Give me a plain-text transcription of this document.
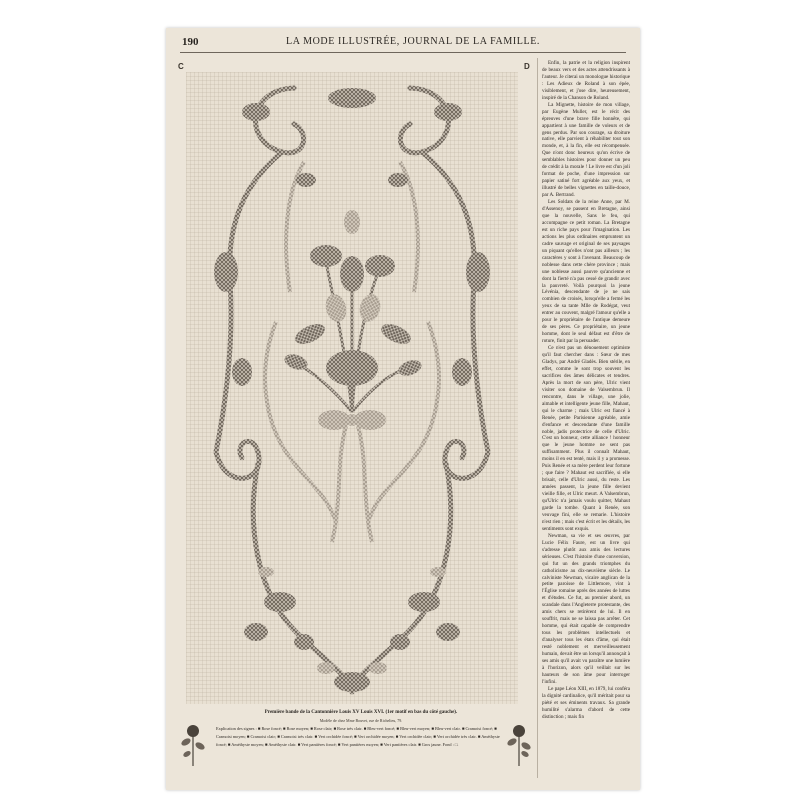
190	LA MODE ILLUSTRÉE, JOURNAL DE LA FAMILLE.
C	D
Première bande de la Cantonnière Louis XV Louis XVI. (1er motif en bas du côté gauche).
Modèle de chez Mme Bouvet, rue de Richelieu, 79.
Explication des signes : ■ Rose foncé; ■ Rose moyen; ■ Rose clair; ■ Rose très clair. ■ Bleu-vert foncé; ■ Bleu-vert moyen; ■ Bleu-vert clair. ■ Cramoisi foncé; ■ Cramoisi moyen; ■ Cramoisi clair; ■ Cramoisi très clair. ■ Vert orchidée foncé; ■ Vert orchidée moyen; ■ Vert orchidée clair; ■ Vert orchidée très clair. ■ Améthyste foncé; ■ Améthyste moyen; ■ Améthyste clair. ■ Vert pantières foncé; ■ Vert pantières moyen; ■ Vert pantières clair. ■ Gros jaune. Fond : □.

Enfin, la patrie et la religion inspirent de beaux vers et des actes attendrissants à l'auteur. Je citerai un monologue historique : Les Adieux de Roland à son épée, visiblement, et j'ose dire, heureusement, inspiré de la Chanson de Roland.

La Mignette, histoire de mon village, par Eugène Muller, est le récit des épreuves d'une brave fille honnête, qui appartient à une famille de voleurs et de gens perdus. Par son courage, sa droiture native, elle parvient à réhabiliter tout son monde, et, à la fin, elle est récompensée. Que n'ont donc heureux qu'on écrive de semblables histoires pour donner un peu de crédit à la morale ! Le livre est d'un joli format de poche, d'une impression sur papier satiné fort agréable aux yeux, et illustré de belles vignettes en taille-douce, par A. Bertrand.

Les Soldats de la reine Anne, par M. d'Assenoy, se passent en Bretagne, ainsi que la nouvelle, Sans le feu, qui accompagne ce petit roman. La Bretagne est un riche pays pour l'imagination. Les actions les plus ordinaires empruntent un cadre sauvage et original de ses paysages un piquant qu'elles n'ont pas ailleurs ; les caractères y sont à l'avenant. Beaucoup de noblesse dans cette chère province ; mais une noblesse aussi pauvre qu'ancienne et dont la fierté n'a pas cessé de grandir avec la pauvreté. Voilà pourquoi la jeune Lévénia, descendante de je ne sais combien de croisés, lorsqu'elle a fermé les yeux de sa tante Mlle de Rodégat, veut entrer au couvent, malgré l'amour qu'elle a pour le propriétaire de l'antique demeure de ses pères. Ce propriétaire, un jeune homme, dont le seul défaut est d'être de roture, finit par la persuader.

Ce n'est pas un dénouement optimiste qu'il faut chercher dans : Sœur de mes Gladys, par André Gladès. Bien stérile, en effet, comme le sont trop souvent les sacrifices des âmes délicates et tendres. Après la mort de son père, Ulric vient visiter son domaine de Valsembrun. Il rencontre, dans le village, une jolie, aimable et intelligente jeune fille, Mahaut, qui le charme ; mais Ulric est fiancé à Renée, petite Parisienne agréable, amie d'enfance et descendante d'une famille noble, jadis protectrice de celle d'Ulric. C'est un honneur, cette alliance ! honneur que le jeune homme ne sent pas suffisamment. Plus il connaît Mahaut, moins il en est tenté, mais il y a promesse. Puis Renée et sa mère perdent leur fortune ; que faire ? Mahaut est sacrifiée, si elle brisait, celle d'Ulric aussi, du reste. Les années passent, la jeune fille devient vieille fille, et Ulric meurt. A Valsembrun, qu'Ulric n'a jamais voulu quitter, Mahaut garde la tombe. Quant à Renée, son veuvage fini, elle se remarie. L'histoire n'est rien ; mais c'est écrit et les détails, les sentiments sont exquis.

Newman, sa vie et ses œuvres, par Lucie Félix Faure, est un livre qui s'adresse plutôt aux amis des lectures sérieuses. C'est l'histoire d'une conversion, qui fut un des grands triomphes du catholicisme au dix-neuvième siècle. Le calviniste Newman, vicaire anglican de la petite paroisse de Littlemore, vint à l'Église romaine après des années de luttes et d'études. Ce fut, au premier abord, un scandale dans l'Angleterre protestante, des amis chers se retirèrent de lui. Il en souffrit, mais ne se laissa pas arrêter. Cet homme, qui était capable de comprendre tous les problèmes intellectuels et d'analyser tous les états d'âme, qui était resté noblement et merveilleusement humain, devait être un lorsqu'il annonçait à ses amis qu'il avait vu paraître une lumière à l'horizon, alors qu'il veillait sur les hauteurs de son âme pour interroger l'infini.

Le pape Léon XIII, en 1879, lui conféra la dignité cardinalice, qu'il méritait pour sa piété et ses éminents travaux. Sa grande humilité s'alarma d'abord de cette distinction ; mais fin
